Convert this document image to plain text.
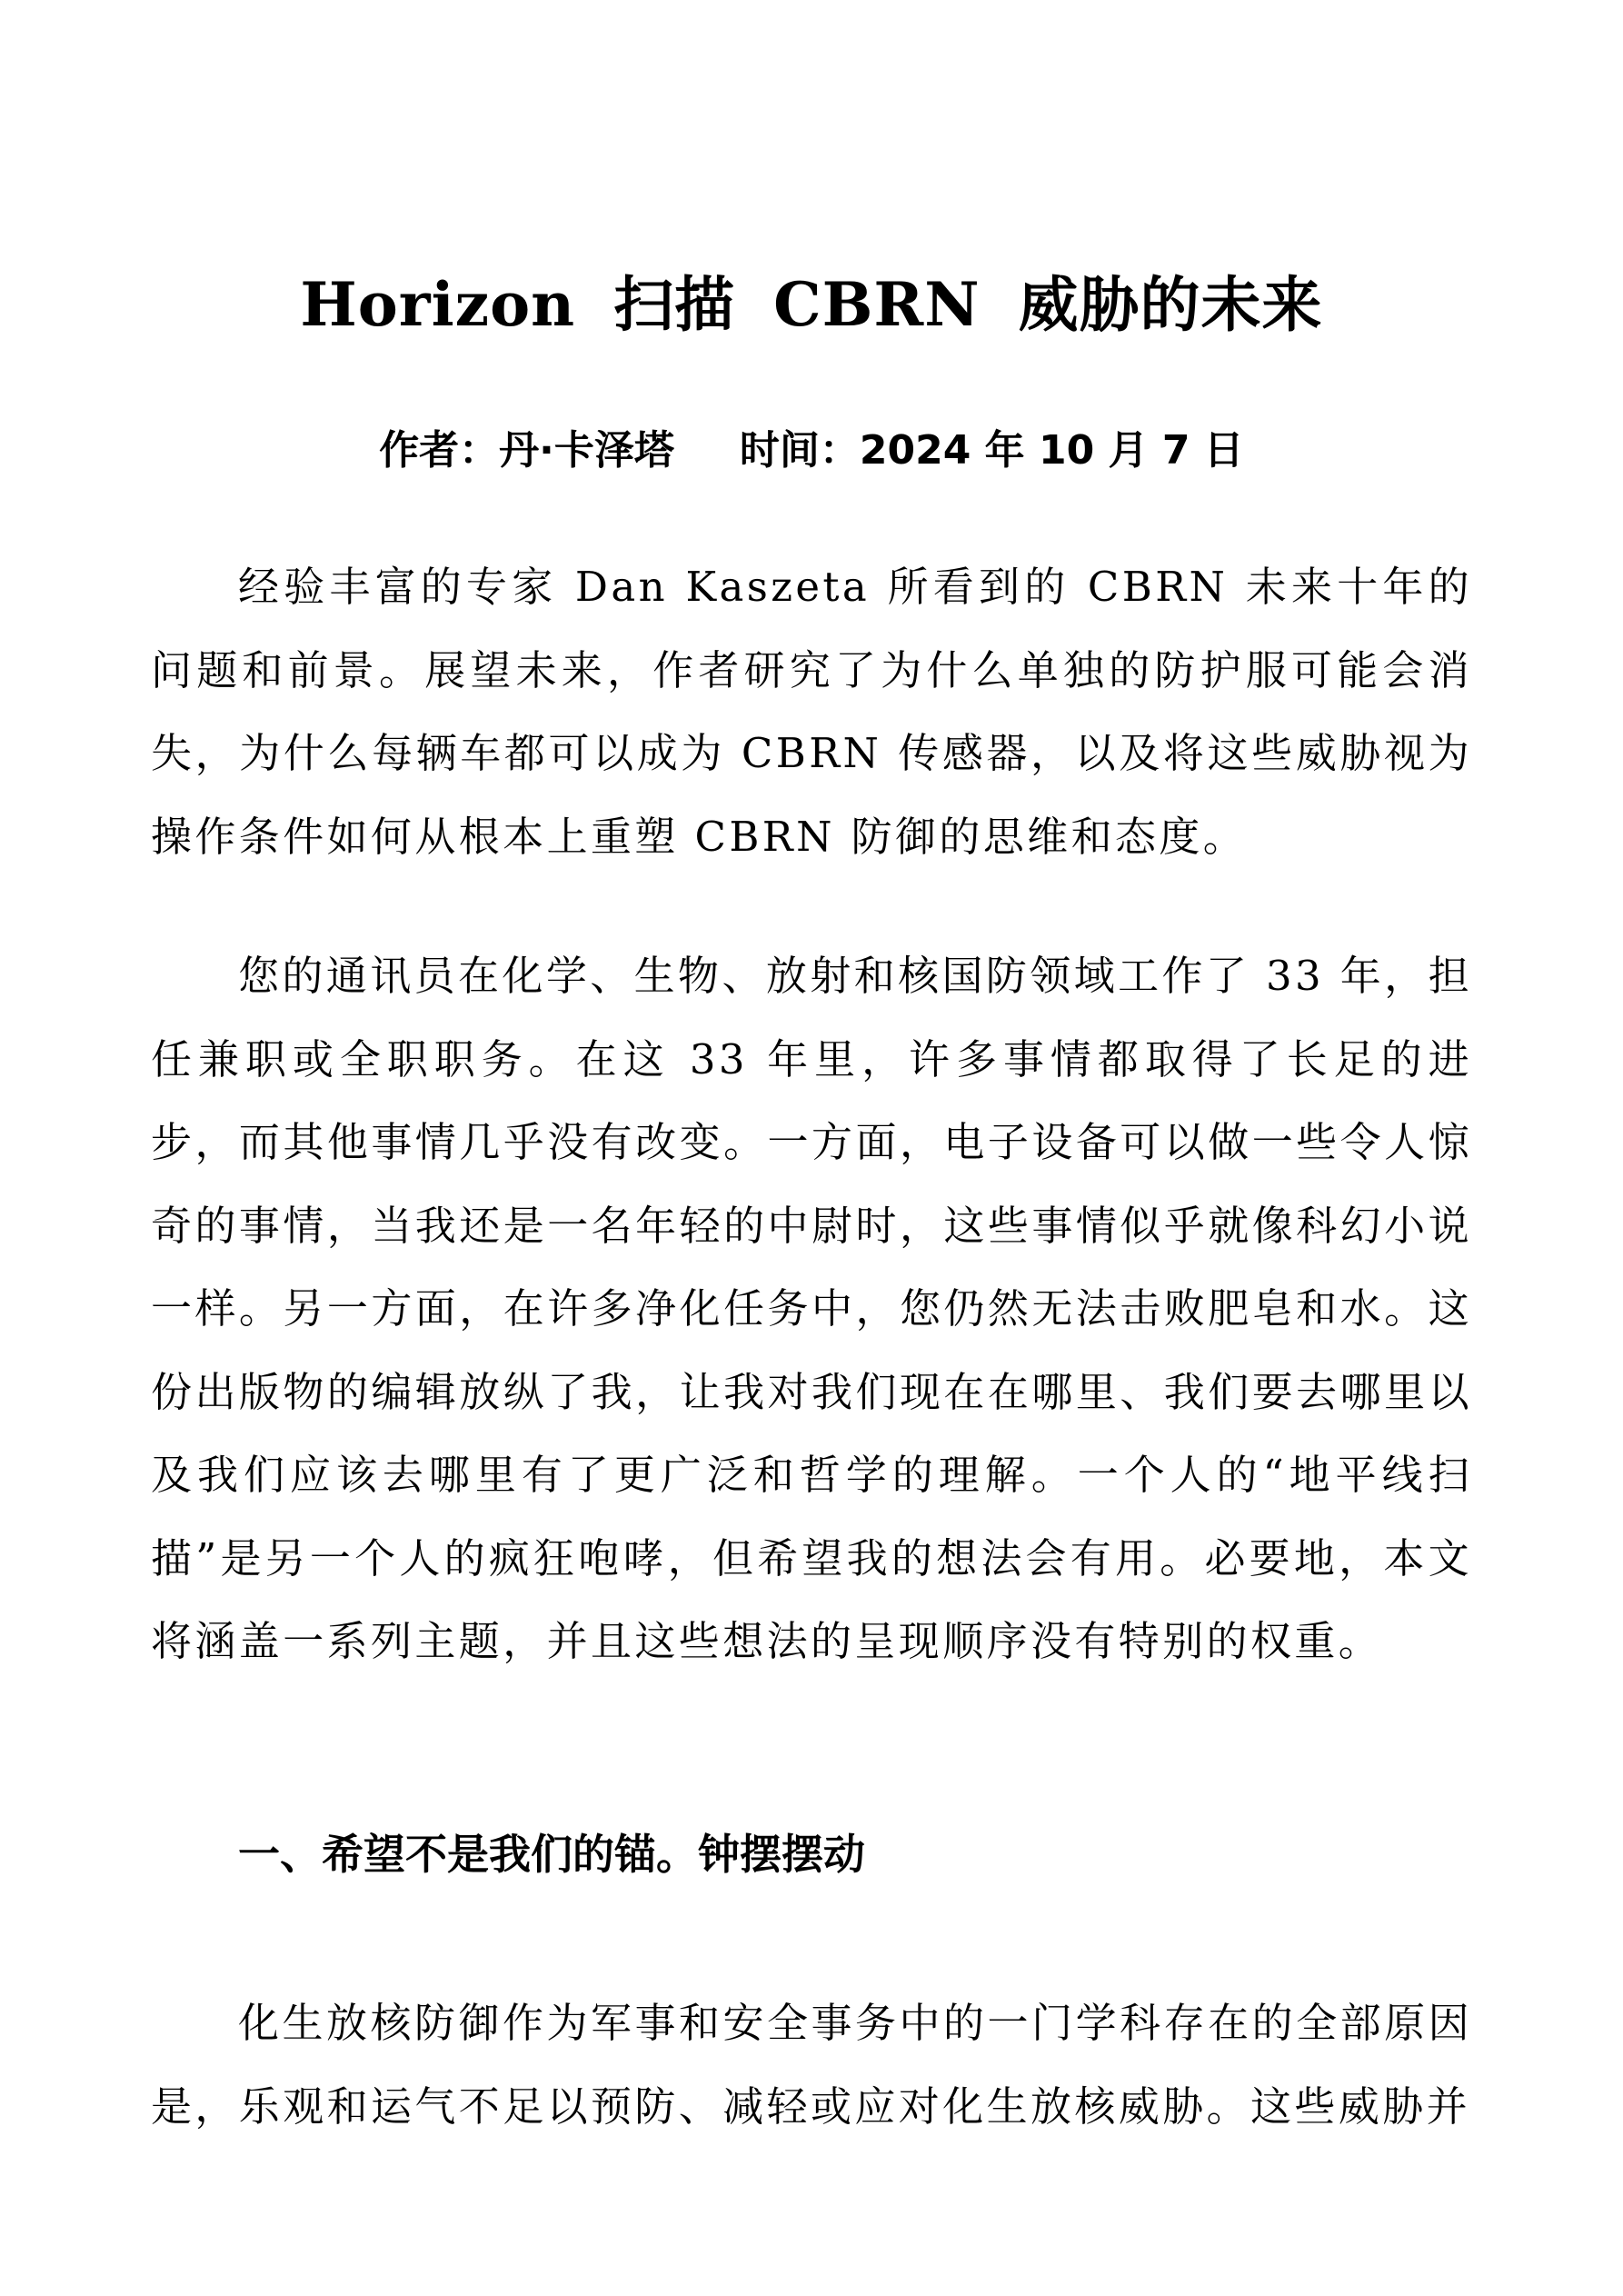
Horizon 扫描 CBRN 威胁的未来
作者：丹·卡泽塔 时间：2024 年 10 月 7 日

经验丰富的专家 Dan Kaszeta 所看到的 CBRN 未来十年的问题和前景。展望未来，作者研究了为什么单独的防护服可能会消失，为什么每辆车都可以成为 CBRN 传感器，以及将这些威胁视为操作条件如何从根本上重塑 CBRN 防御的思维和态度。

您的通讯员在化学、生物、放射和核国防领域工作了 33 年，担任兼职或全职职务。在这 33 年里，许多事情都取得了长足的进步，而其他事情几乎没有改变。一方面，电子设备可以做一些令人惊奇的事情，当我还是一名年轻的中尉时，这些事情似乎就像科幻小说一样。另一方面，在许多净化任务中，您仍然无法击败肥皂和水。这份出版物的编辑放纵了我，让我对我们现在在哪里、我们要去哪里以及我们应该去哪里有了更广泛和哲学的理解。一个人的“地平线扫描”是另一个人的疯狂咆哮，但希望我的想法会有用。必要地，本文将涵盖一系列主题，并且这些想法的呈现顺序没有特别的权重。

一、希望不是我们的锚。钟摆摆动

化生放核防御作为军事和安全事务中的一门学科存在的全部原因是，乐观和运气不足以预防、减轻或应对化生放核威胁。这些威胁并
